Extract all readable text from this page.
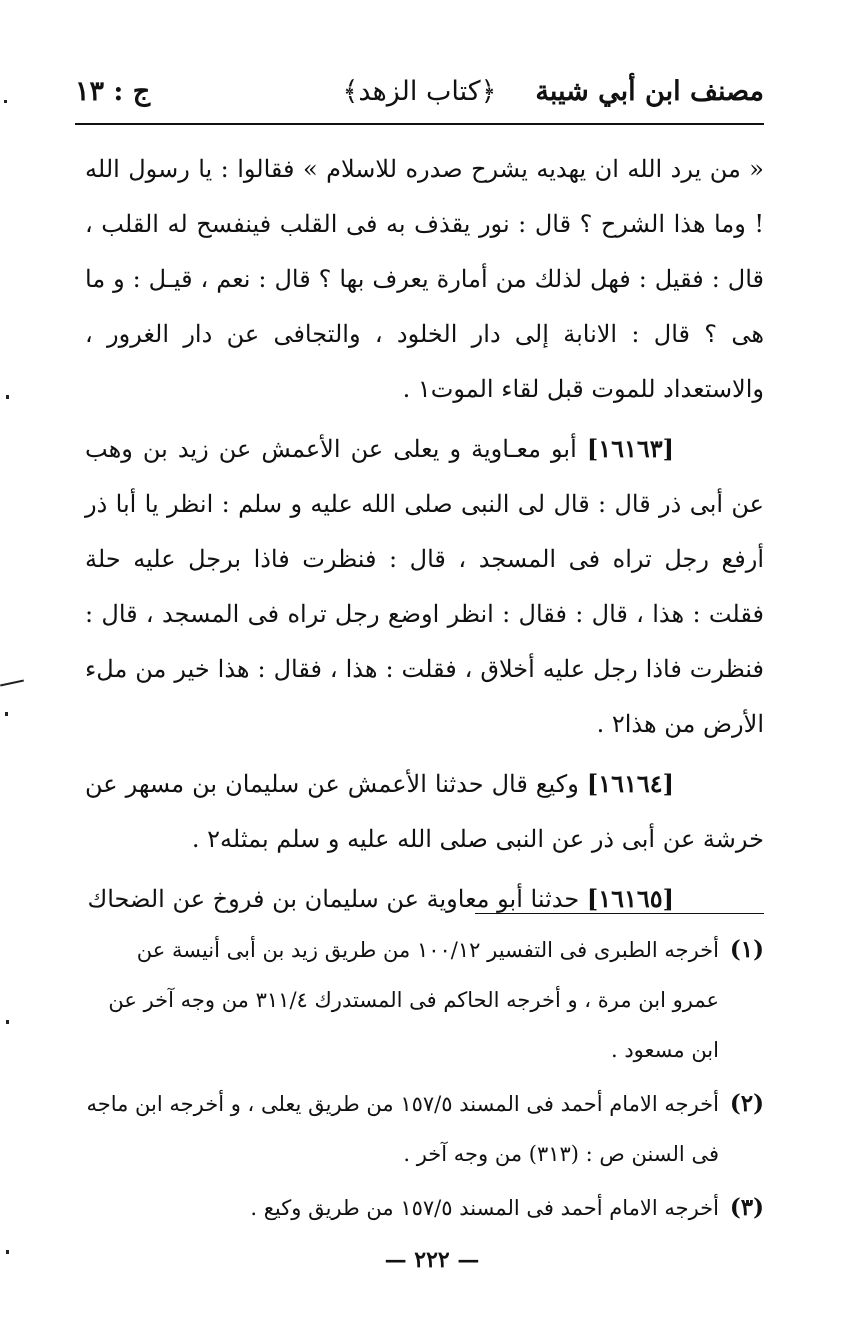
مصنف ابن أبي شيبة
﴿كتاب الزهد﴾
ج : ١٣

« من يرد الله ان يهديه يشرح صدره للاسلام » فقالوا : يا رسول الله ! وما هذا الشرح ؟ قال : نور يقذف به فى القلب فينفسح له القلب ، قال : فقيل : فهل لذلك من أمارة يعرف بها ؟ قال : نعم ، قيـل : و ما هى ؟ قال : الانابة إلى دار الخلود ، والتجافى عن دار الغرور ، والاستعداد للموت قبل لقاء الموت١ .

[١٦١٦٣] أبو معـاوية و يعلى عن الأعمش عن زيد بن وهب عن أبى ذر قال : قال لى النبى صلى الله عليه و سلم : انظر يا أبا ذر أرفع رجل تراه فى المسجد ، قال : فنظرت فاذا برجل عليه حلة فقلت : هذا ، قال : فقال : انظر اوضع رجل تراه فى المسجد ، قال : فنظرت فاذا رجل عليه أخلاق ، فقلت : هذا ، فقال : هذا خير من ملء الأرض من هذا٢ .

[١٦١٦٤] وكيع قال حدثنا الأعمش عن سليمان بن مسهر عن خرشة عن أبى ذر عن النبى صلى الله عليه و سلم بمثله٢ .

[١٦١٦٥] حدثنا أبو معاوية عن سليمان بن فروخ عن الضحاك

(١)
أخرجه الطبرى فى التفسير ١٠٠/١٢ من طريق زيد بن أبى أنيسة عن عمرو ابن مرة ، و أخرجه الحاكم فى المستدرك ٣١١/٤ من وجه آخر عن ابن مسعود .

(٢)
أخرجه الامام أحمد فى المسند ١٥٧/٥ من طريق يعلى ، و أخرجه ابن ماجه فى السنن ص : (٣١٣) من وجه آخر .

(٣)
أخرجه الامام أحمد فى المسند ١٥٧/٥ من طريق وكيع .

— ٢٢٢ —
